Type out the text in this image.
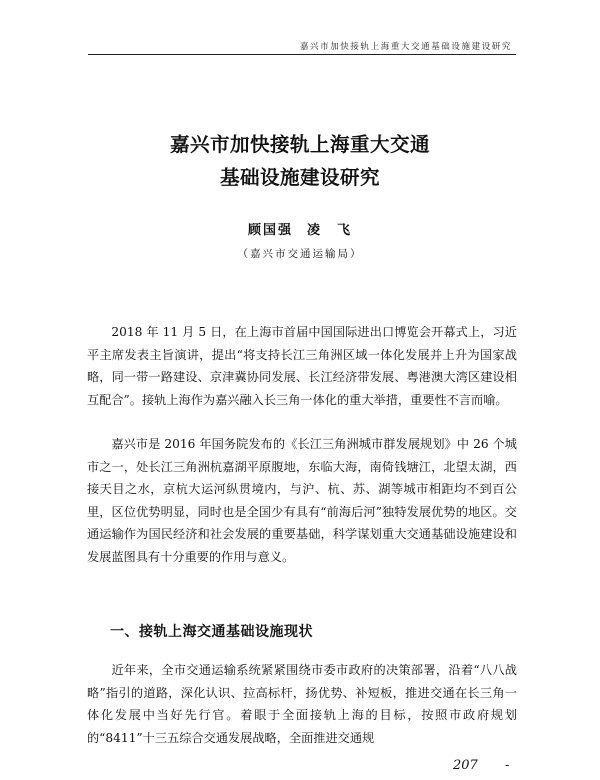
嘉兴市加快接轨上海重大交通基础设施建设研究
嘉兴市加快接轨上海重大交通
基础设施建设研究
顾国强 凌　飞
（嘉兴市交通运输局）

2018 年 11 月 5 日，在上海市首届中国国际进出口博览会开幕式上，习近平主席发表主旨演讲，提出“将支持长江三角洲区域一体化发展并上升为国家战略，同一带一路建设、京津冀协同发展、长江经济带发展、粤港澳大湾区建设相互配合”。接轨上海作为嘉兴融入长三角一体化的重大举措，重要性不言而喻。

嘉兴市是 2016 年国务院发布的《长江三角洲城市群发展规划》中 26 个城市之一，处长江三角洲杭嘉湖平原腹地，东临大海，南倚钱塘江，北望太湖，西接天目之水，京杭大运河纵贯境内，与沪、杭、苏、湖等城市相距均不到百公里，区位优势明显，同时也是全国少有具有“前海后河”独特发展优势的地区。交通运输作为国民经济和社会发展的重要基础，科学谋划重大交通基础设施建设和发展蓝图具有十分重要的作用与意义。

一、接轨上海交通基础设施现状

近年来，全市交通运输系统紧紧围绕市委市政府的决策部署，沿着“八八战略”指引的道路，深化认识、拉高标杆，扬优势、补短板，推进交通在长三角一体化发展中当好先行官。着眼于全面接轨上海的目标，按照市政府规划的“8411”十三五综合交通发展战略，全面推进交通规

207 -
